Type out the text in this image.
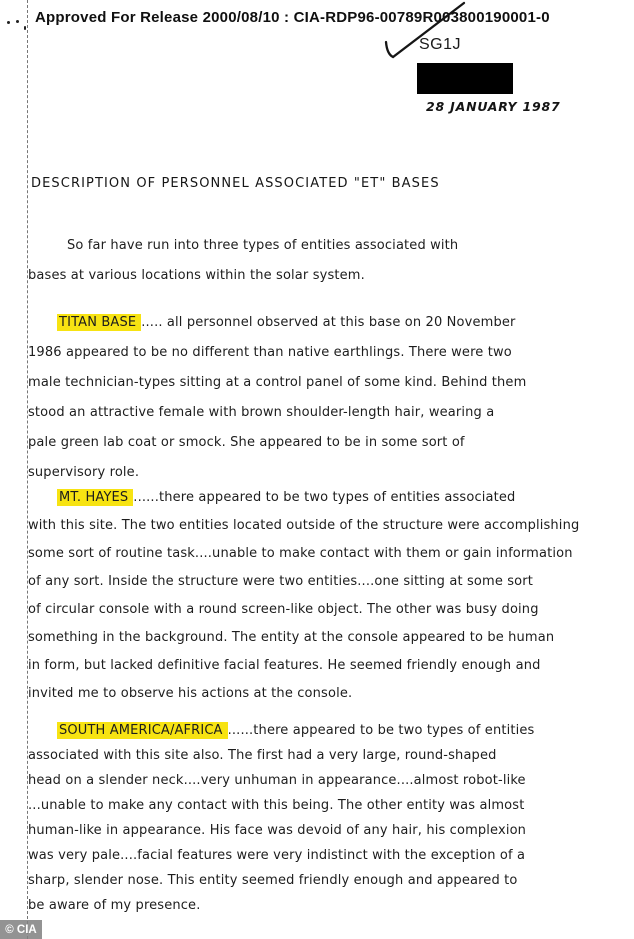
Approved For Release 2000/08/10 : CIA-RDP96-00789R003800190001-0
SG1J
28 JANUARY 1987
DESCRIPTION OF PERSONNEL ASSOCIATED "ET" BASES
So far have run into three types of entities associated with
bases at various locations within the solar system.
TITAN BASE ..... all personnel observed at this base on 20 November
1986 appeared to be no different than native earthlings. There were two
male technician-types sitting at a control panel of some kind. Behind them
stood an attractive female with brown shoulder-length hair, wearing a
pale green lab coat or smock. She appeared to be in some sort of
supervisory role.
MT. HAYES ......there appeared to be two types of entities associated
with this site. The two entities located outside of the structure were accomplishing
some sort of routine task....unable to make contact with them or gain information
of any sort. Inside the structure were two entities....one sitting at some sort
of circular console with a round screen-like object. The other was busy doing
something in the background. The entity at the console appeared to be human
in form, but lacked definitive facial features. He seemed friendly enough and
invited me to observe his actions at the console.
SOUTH AMERICA/AFRICA ......there appeared to be two types of entities
associated with this site also. The first had a very large, round-shaped
head on a slender neck....very unhuman in appearance....almost robot-like
...unable to make any contact with this being. The other entity was almost
human-like in appearance. His face was devoid of any hair, his complexion
was very pale....facial features were very indistinct with the exception of a
sharp, slender nose. This entity seemed friendly enough and appeared to
be aware of my presence.
© CIA
